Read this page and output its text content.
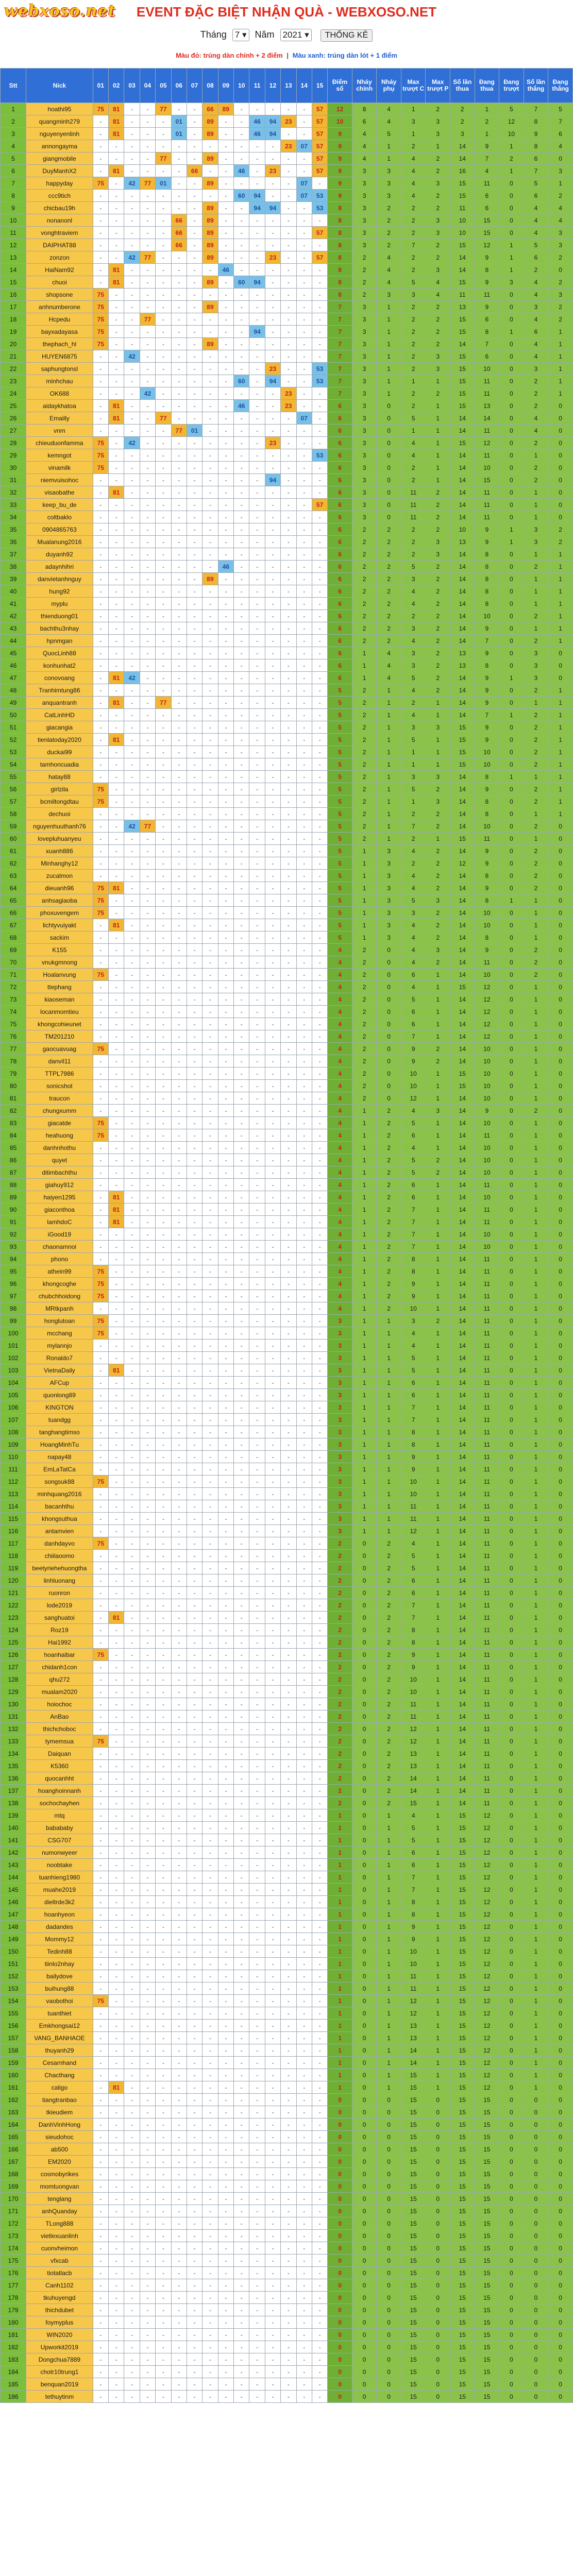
webxoso.net	EVENT ĐẶC BIỆT NHẬN QUÀ - WEBXOSO.NET
Tháng 7 ▾ Năm 2021 ▾ THỐNG KÊ
Màu đỏ: trúng dàn chính + 2 điểm | Màu xanh: trúng dàn lót + 1 điểm
Stt	Nick	01	02	03	04	05	06	07	08	09	10	11	12	13	14	15	Điểm số	Nháy chính	Nháy phụ	Max trượt C	Max trượt P	Số lần thua	Đang thua	Đang trượt	Số lần thắng	Đang thắng
1	hoathi95	75	81	-	-	77	-	-	66	89	-	-	-	-	-	57	12	8	4	1	2	2	1	5	7	5
2	quangminh279	-	81	-	-	-	01	-	89	-	-	46	94	23	-	57	10	6	4	3	3	2	2	12	8	7
3	nguyenyenlinh	-	81	-	-	-	01	-	89	-	-	46	94	-	-	57	9	4	5	1	3	3	1	10	9	6
4	annongayma	-	-	-	-	-	-	-	-	-	-	-	-	23	07	57	9	4	1	2	1	14	9	1	8	4
5	giangmobile	-	-	-	-	77	-	-	89	-	-	-	-	-	-	57	9	4	1	4	2	14	7	2	6	0
6	DuyManhX2	-	81	-	-	-	-	66	-	-	46	-	23	-	-	57	9	3	3	4	2	16	4	1	7	3
7	happyday	75	-	42	77	01	-	-	89	-	-	-	-	-	07	-	9	3	3	4	3	15	11	0	5	1
8	ccc9tich	-	-	-	-	-	-	-	-	-	60	94	-	-	07	53	9	3	3	4	2	15	6	0	6	2
9	chicbau19h	-	-	-	-	-	-	-	89	-	-	94	94	-	-	53	8	3	2	2	2	11	6	0	4	4
10	nonanonl	-	-	-	-	-	66	-	89	-	-	-	-	-	-	-	8	3	2	2	3	10	15	0	4	4
11	vonghtraviem	-	-	-	-	-	66	-	89	-	-	-	-	-	-	57	8	3	2	2	3	10	15	0	4	3
12	DAIPHAT88	-	-	-	-	-	66	-	89	-	-	-	-	-	-	-	8	3	2	7	2	15	12	1	5	3
13	zonzon	-	-	42	77	-	-	-	89	-	-	-	23	-	-	57	8	2	4	2	2	14	9	1	6	2
14	HaiNam92	-	81	-	-	-	-	-	-	46	-	-	-	-	-	-	8	2	4	2	3	14	8	1	2	0
15	chuoi	-	81	-	-	-	-	-	89	-	60	94	-	-	-	-	8	2	4	5	4	15	9	3	4	2
16	shopsone	75	-	-	-	-	-	-	-	-	-	-	-	-	-	-	8	2	3	3	4	11	11	0	4	3
17	anhnumberone	75	-	-	-	-	-	-	89	-	-	-	-	-	-	-	7	3	1	2	2	13	9	0	3	2
18	Hcpedu	75	-	-	77	-	-	-	-	-	-	-	-	-	-	-	7	3	1	2	2	15	6	0	4	2
19	bayxadayasa	75	-	-	-	-	-	-	-	-	-	94	-	-	-	-	7	3	1	2	2	15	8	1	6	1
20	thephach_hl	75	-	-	-	-	-	-	89	-	-	-	-	-	-	-	7	3	1	2	2	14	7	0	4	1
21	HUYEN6875	-	-	42	-	-	-	-	-	-	-	-	-	-	-	-	7	3	1	2	3	15	6	0	4	1
22	saphungtonsl	-	-	-	-	-	-	-	-	-	-	-	23	-	-	53	7	3	1	2	3	15	10	0	3	1
23	minhchau	-	-	-	-	-	-	-	-	-	60	-	94	-	-	53	7	3	1	1	1	15	11	0	2	1
24	OK688	-	-	-	42	-	-	-	-	-	-	-	-	23	-	-	7	3	1	2	2	15	11	0	2	1
25	aidaykhatoa	-	81	-	-	-	-	-	-	-	46	-	-	23	-	-	6	3	0	2	1	15	13	0	2	0
26	Emailly	-	81	-	-	77	-	-	-	-	-	-	-	-	07	-	6	3	0	5	1	14	14	0	4	0
27	vnm	-	-	-	-	-	77	01	-	-	-	-	-	-	-	-	6	3	0	1	1	14	11	0	4	0
28	chieuduonfamma	75	-	42	-	-	-	-	-	-	-	-	23	-	-	-	6	3	0	4	1	15	12	0	2	0
29	kemngot	75	-	-	-	-	-	-	-	-	-	-	-	-	-	53	6	3	0	4	1	14	11	0	1	0
30	vinamilk	75	-	-	-	-	-	-	-	-	-	-	-	-	-	-	6	3	0	2	1	14	10	0	2	0
31	niemvuisohoc	-	-	-	-	-	-	-	-	-	-	-	94	-	-	-	6	3	0	2	1	14	15	0	2	0
32	visaobathe	-	81	-	-	-	-	-	-	-	-	-	-	-	-	-	6	3	0	11	2	14	11	0	1	0
33	keep_bu_de	-	-	-	-	-	-	-	-	-	-	-	-	-	-	57	6	3	0	11	2	14	11	0	1	0
34	coltbaklo	-	-	-	-	-	-	-	-	-	-	-	-	-	-	-	6	3	0	11	2	14	11	0	1	0
35	0904865763	-	-	-	-	-	-	-	-	-	-	-	-	-	-	-	6	2	2	2	2	10	9	1	3	2
36	Mualanung2016	-	-	-	-	-	-	-	-	-	-	-	-	-	-	-	6	2	2	2	3	13	9	1	3	2
37	duyanh92	-	-	-	-	-	-	-	-	-	-	-	-	-	-	-	6	2	2	2	3	14	8	0	1	1
38	adaynhihri	-	-	-	-	-	-	-	-	46	-	-	-	-	-	-	6	2	2	5	2	14	8	0	2	1
39	danvietanhnguy	-	-	-	-	-	-	-	89	-	-	-	-	-	-	-	6	2	2	3	2	14	8	0	1	1
40	hung92	-	-	-	-	-	-	-	-	-	-	-	-	-	-	-	6	2	2	4	2	14	8	0	1	1
41	myplu	-	-	-	-	-	-	-	-	-	-	-	-	-	-	-	6	2	2	4	2	14	8	0	1	1
42	thienduong01	-	-	-	-	-	-	-	-	-	-	-	-	-	-	-	6	2	2	2	2	14	10	0	2	1
43	bachthu3nhay	-	-	-	-	-	-	-	-	-	-	-	-	-	-	-	6	2	2	3	2	14	9	0	1	1
44	hpnmgan	-	-	-	-	-	-	-	-	-	-	-	-	-	-	-	6	2	2	4	2	14	7	0	2	1
45	QuocLinh88	-	-	-	-	-	-	-	-	-	-	-	-	-	-	-	6	1	4	3	2	13	9	0	3	0
46	konhunhat2	-	-	-	-	-	-	-	-	-	-	-	-	-	-	-	6	1	4	3	2	13	8	0	3	0
47	conovoang	-	81	42	-	-	-	-	-	-	-	-	-	-	-	-	6	1	4	5	2	14	9	1	3	0
48	Tranhimtung86	-	-	-	-	-	-	-	-	-	-	-	-	-	-	-	5	2	1	4	2	14	9	0	2	1
49	anquantranh	-	81	-	-	77	-	-	-	-	-	-	-	-	-	-	5	2	1	2	1	14	9	0	1	1
50	CatLinhHD	-	-	-	-	-	-	-	-	-	-	-	-	-	-	-	5	2	1	4	1	14	7	1	2	1
51	giacangia	-	-	-	-	-	-	-	-	-	-	-	-	-	-	-	5	2	1	3	3	15	9	0	2	1
52	tienlatoday2020	-	81	-	-	-	-	-	-	-	-	-	-	-	-	-	5	2	1	5	1	15	9	0	2	1
53	duckai99	-	-	-	-	-	-	-	-	-	-	-	-	-	-	-	5	2	1	1	1	15	10	0	2	1
54	tamhoncuadia	-	-	-	-	-	-	-	-	-	-	-	-	-	-	-	5	2	1	1	1	15	10	0	2	1
55	hatay88	-	-	-	-	-	-	-	-	-	-	-	-	-	-	-	5	2	1	3	3	14	8	1	1	1
56	girlzila	75	-	-	-	-	-	-	-	-	-	-	-	-	-	-	5	2	1	5	2	14	9	0	2	1
57	bcmiltongdtau	75	-	-	-	-	-	-	-	-	-	-	-	-	-	-	5	2	1	1	3	14	8	0	2	1
58	dechuoi	-	-	-	-	-	-	-	-	-	-	-	-	-	-	-	5	2	1	2	2	14	8	0	1	1
59	nguyenhuuthanh76	-	-	42	77	-	-	-	-	-	-	-	-	-	-	-	5	2	1	7	2	14	10	0	2	0
60	lovepluhuanyeu	-	-	-	-	-	-	-	-	-	-	-	-	-	-	-	5	2	1	2	1	15	11	0	1	0
61	xuanh886	-	-	-	-	-	-	-	-	-	-	-	-	-	-	-	5	1	3	4	2	14	9	0	2	0
62	Minhanghy12	-	-	-	-	-	-	-	-	-	-	-	-	-	-	-	5	1	3	2	2	12	9	0	2	0
63	zucalmon	-	-	-	-	-	-	-	-	-	-	-	-	-	-	-	5	1	3	4	2	14	8	0	2	0
64	dieuanh96	75	81	-	-	-	-	-	-	-	-	-	-	-	-	-	5	1	3	4	2	14	9	0	2	0
65	anhsagiaoba	75	-	-	-	-	-	-	-	-	-	-	-	-	-	-	5	1	3	5	3	14	8	1	1	0
66	phoxuvengem	75	-	-	-	-	-	-	-	-	-	-	-	-	-	-	5	1	3	3	2	14	10	0	1	0
67	lichtyvuiyakt	-	81	-	-	-	-	-	-	-	-	-	-	-	-	-	5	1	3	4	2	14	10	0	1	0
68	sackim	-	-	-	-	-	-	-	-	-	-	-	-	-	-	-	5	1	3	4	2	14	8	0	1	0
69	K155	-	-	-	-	-	-	-	-	-	-	-	-	-	-	-	4	2	0	4	3	14	9	0	2	0
70	vnukgmnong	-	-	-	-	-	-	-	-	-	-	-	-	-	-	-	4	2	0	4	2	14	11	0	2	0
71	Hoalanvung	75	-	-	-	-	-	-	-	-	-	-	-	-	-	-	4	2	0	6	1	14	10	0	2	0
72	ttephang	-	-	-	-	-	-	-	-	-	-	-	-	-	-	-	4	2	0	4	1	15	12	0	1	0
73	kiaoseman	-	-	-	-	-	-	-	-	-	-	-	-	-	-	-	4	2	0	5	1	14	12	0	1	0
74	locanmomtieu	-	-	-	-	-	-	-	-	-	-	-	-	-	-	-	4	2	0	6	1	14	12	0	1	0
75	khongcohieunet	-	-	-	-	-	-	-	-	-	-	-	-	-	-	-	4	2	0	6	1	14	12	0	1	0
76	TM201210	-	-	-	-	-	-	-	-	-	-	-	-	-	-	-	4	2	0	7	1	14	12	0	1	0
77	gaocuavuag	75	-	-	-	-	-	-	-	-	-	-	-	-	-	-	4	2	0	9	2	14	10	0	1	0
78	danvil11	-	-	-	-	-	-	-	-	-	-	-	-	-	-	-	4	2	0	9	2	14	10	0	1	0
79	TTPL7986	-	-	-	-	-	-	-	-	-	-	-	-	-	-	-	4	2	0	10	1	15	10	0	1	0
80	sonicshot	-	-	-	-	-	-	-	-	-	-	-	-	-	-	-	4	2	0	10	1	15	10	0	1	0
81	traucon	-	-	-	-	-	-	-	-	-	-	-	-	-	-	-	4	2	0	12	1	14	10	0	1	0
82	chungxumm	-	-	-	-	-	-	-	-	-	-	-	-	-	-	-	4	1	2	4	3	14	9	0	2	0
83	giacatde	75	-	-	-	-	-	-	-	-	-	-	-	-	-	-	4	1	2	5	1	14	10	0	1	0
84	heahuong	75	-	-	-	-	-	-	-	-	-	-	-	-	-	-	4	1	2	6	1	14	11	0	1	0
85	danhnhothu	-	-	-	-	-	-	-	-	-	-	-	-	-	-	-	4	1	2	4	1	14	10	0	1	0
86	quyet	-	-	-	-	-	-	-	-	-	-	-	-	-	-	-	4	1	2	5	2	14	10	0	1	0
87	ditimbachthu	-	-	-	-	-	-	-	-	-	-	-	-	-	-	-	4	1	2	5	2	14	10	0	1	0
88	giahuy912	-	-	-	-	-	-	-	-	-	-	-	-	-	-	-	4	1	2	6	1	14	11	0	1	0
89	haiyen1295	-	81	-	-	-	-	-	-	-	-	-	-	-	-	-	4	1	2	6	1	14	10	0	1	0
90	giaconthoa	-	81	-	-	-	-	-	-	-	-	-	-	-	-	-	4	1	2	7	1	14	11	0	1	0
91	lamhdoC	-	81	-	-	-	-	-	-	-	-	-	-	-	-	-	4	1	2	7	1	14	11	0	1	0
92	iGood19	-	-	-	-	-	-	-	-	-	-	-	-	-	-	-	4	1	2	7	1	14	10	0	1	0
93	chaonamnoi	-	-	-	-	-	-	-	-	-	-	-	-	-	-	-	4	1	2	7	1	14	10	0	1	0
94	phono	-	-	-	-	-	-	-	-	-	-	-	-	-	-	-	4	1	2	8	1	14	11	0	1	0
95	athein99	75	-	-	-	-	-	-	-	-	-	-	-	-	-	-	4	1	2	8	1	14	11	0	1	0
96	khongcoghe	75	-	-	-	-	-	-	-	-	-	-	-	-	-	-	4	1	2	9	1	14	11	0	1	0
97	chubchhoidong	75	-	-	-	-	-	-	-	-	-	-	-	-	-	-	4	1	2	9	1	14	11	0	1	0
98	MRtkpanh	-	-	-	-	-	-	-	-	-	-	-	-	-	-	-	4	1	2	10	1	14	11	0	1	0
99	honglutoan	75	-	-	-	-	-	-	-	-	-	-	-	-	-	-	3	1	1	3	2	14	11	0	1	0
100	mcchang	75	-	-	-	-	-	-	-	-	-	-	-	-	-	-	3	1	1	4	1	14	11	0	1	0
101	mylannjo	-	-	-	-	-	-	-	-	-	-	-	-	-	-	-	3	1	1	4	1	14	11	0	1	0
102	Ronaldo7	-	-	-	-	-	-	-	-	-	-	-	-	-	-	-	3	1	1	5	1	14	11	0	1	0
103	VietnaDaily	-	81	-	-	-	-	-	-	-	-	-	-	-	-	-	3	1	1	5	1	14	11	0	1	0
104	AFCup	-	-	-	-	-	-	-	-	-	-	-	-	-	-	-	3	1	1	6	1	14	11	0	1	0
105	quonlong89	-	-	-	-	-	-	-	-	-	-	-	-	-	-	-	3	1	1	6	1	14	11	0	1	0
106	KINGTON	-	-	-	-	-	-	-	-	-	-	-	-	-	-	-	3	1	1	7	1	14	11	0	1	0
107	tuandgg	-	-	-	-	-	-	-	-	-	-	-	-	-	-	-	3	1	1	7	1	14	11	0	1	0
108	tanghangtimso	-	-	-	-	-	-	-	-	-	-	-	-	-	-	-	3	1	1	8	1	14	11	0	1	0
109	HoangMinhTu	-	-	-	-	-	-	-	-	-	-	-	-	-	-	-	3	1	1	8	1	14	11	0	1	0
110	napay48	-	-	-	-	-	-	-	-	-	-	-	-	-	-	-	3	1	1	9	1	14	11	0	1	0
111	EmLaTatCa	-	-	-	-	-	-	-	-	-	-	-	-	-	-	-	3	1	1	9	1	14	11	0	1	0
112	songsuk88	75	-	-	-	-	-	-	-	-	-	-	-	-	-	-	3	1	1	10	1	14	11	0	1	0
113	minhquang2016	-	-	-	-	-	-	-	-	-	-	-	-	-	-	-	3	1	1	10	1	14	11	0	1	0
114	bacanhthu	-	-	-	-	-	-	-	-	-	-	-	-	-	-	-	3	1	1	11	1	14	11	0	1	0
115	khongsuthua	-	-	-	-	-	-	-	-	-	-	-	-	-	-	-	3	1	1	11	1	14	11	0	1	0
116	antamvien	-	-	-	-	-	-	-	-	-	-	-	-	-	-	-	3	1	1	12	1	14	11	0	1	0
117	danhdayvo	75	-	-	-	-	-	-	-	-	-	-	-	-	-	-	2	0	2	4	1	14	11	0	1	0
118	chiilaoomo	-	-	-	-	-	-	-	-	-	-	-	-	-	-	-	2	0	2	5	1	14	11	0	1	0
119	beetyriehehuongtha	-	-	-	-	-	-	-	-	-	-	-	-	-	-	-	2	0	2	5	1	14	11	0	1	0
120	linhluonang	-	-	-	-	-	-	-	-	-	-	-	-	-	-	-	2	0	2	6	1	14	11	0	1	0
121	ruonron	-	-	-	-	-	-	-	-	-	-	-	-	-	-	-	2	0	2	6	1	14	11	0	1	0
122	lode2019	-	-	-	-	-	-	-	-	-	-	-	-	-	-	-	2	0	2	7	1	14	11	0	1	0
123	sanghuatoi	-	81	-	-	-	-	-	-	-	-	-	-	-	-	-	2	0	2	7	1	14	11	0	1	0
124	Roz19	-	-	-	-	-	-	-	-	-	-	-	-	-	-	-	2	0	2	8	1	14	11	0	1	0
125	Hai1992	-	-	-	-	-	-	-	-	-	-	-	-	-	-	-	2	0	2	8	1	14	11	0	1	0
126	hoanhaibar	75	-	-	-	-	-	-	-	-	-	-	-	-	-	-	2	0	2	9	1	14	11	0	1	0
127	chidanh1con	-	-	-	-	-	-	-	-	-	-	-	-	-	-	-	2	0	2	9	1	14	11	0	1	0
128	qhu272	-	-	-	-	-	-	-	-	-	-	-	-	-	-	-	2	0	2	10	1	14	11	0	1	0
129	mualam2020	-	-	-	-	-	-	-	-	-	-	-	-	-	-	-	2	0	2	10	1	14	11	0	1	0
130	hoiochoc	-	-	-	-	-	-	-	-	-	-	-	-	-	-	-	2	0	2	11	1	14	11	0	1	0
131	AnBao	-	-	-	-	-	-	-	-	-	-	-	-	-	-	-	2	0	2	11	1	14	11	0	1	0
132	thichchoboc	-	-	-	-	-	-	-	-	-	-	-	-	-	-	-	2	0	2	12	1	14	11	0	1	0
133	tymemsua	75	-	-	-	-	-	-	-	-	-	-	-	-	-	-	2	0	2	12	1	14	11	0	1	0
134	Daiquan	-	-	-	-	-	-	-	-	-	-	-	-	-	-	-	2	0	2	13	1	14	11	0	1	0
135	K5360	-	-	-	-	-	-	-	-	-	-	-	-	-	-	-	2	0	2	13	1	14	11	0	1	0
136	quocanhht	-	-	-	-	-	-	-	-	-	-	-	-	-	-	-	2	0	2	14	1	14	11	0	1	0
137	hoanghoinnanh	-	-	-	-	-	-	-	-	-	-	-	-	-	-	-	2	0	2	14	1	14	11	0	1	0
138	sochochayhen	-	-	-	-	-	-	-	-	-	-	-	-	-	-	-	2	0	2	15	1	14	11	0	1	0
139	mtq	-	-	-	-	-	-	-	-	-	-	-	-	-	-	-	1	0	1	4	1	15	12	0	1	0
140	babababy	-	-	-	-	-	-	-	-	-	-	-	-	-	-	-	1	0	1	5	1	15	12	0	1	0
141	CSG707	-	-	-	-	-	-	-	-	-	-	-	-	-	-	-	1	0	1	5	1	15	12	0	1	0
142	numonwyeer	-	-	-	-	-	-	-	-	-	-	-	-	-	-	-	1	0	1	6	1	15	12	0	1	0
143	noobtake	-	-	-	-	-	-	-	-	-	-	-	-	-	-	-	1	0	1	6	1	15	12	0	1	0
144	tuanhieng1980	-	-	-	-	-	-	-	-	-	-	-	-	-	-	-	1	0	1	7	1	15	12	0	1	0
145	muahe2019	-	-	-	-	-	-	-	-	-	-	-	-	-	-	-	1	0	1	7	1	15	12	0	1	0
146	dieltrde3k2	-	-	-	-	-	-	-	-	-	-	-	-	-	-	-	1	0	1	8	1	15	12	0	1	0
147	hoanhyeon	-	-	-	-	-	-	-	-	-	-	-	-	-	-	-	1	0	1	8	1	15	12	0	1	0
148	dadandes	-	-	-	-	-	-	-	-	-	-	-	-	-	-	-	1	0	1	9	1	15	12	0	1	0
149	Mommy12	-	-	-	-	-	-	-	-	-	-	-	-	-	-	-	1	0	1	9	1	15	12	0	1	0
150	Tedinh88	-	-	-	-	-	-	-	-	-	-	-	-	-	-	-	1	0	1	10	1	15	12	0	1	0
151	tiinlo2nhay	-	-	-	-	-	-	-	-	-	-	-	-	-	-	-	1	0	1	10	1	15	12	0	1	0
152	bailydove	-	-	-	-	-	-	-	-	-	-	-	-	-	-	-	1	0	1	11	1	15	12	0	1	0
153	buihung88	-	-	-	-	-	-	-	-	-	-	-	-	-	-	-	1	0	1	11	1	15	12	0	1	0
154	vaobothoi	75	-	-	-	-	-	-	-	-	-	-	-	-	-	-	1	0	1	12	1	15	12	0	1	0
155	tuanthiet	-	-	-	-	-	-	-	-	-	-	-	-	-	-	-	1	0	1	12	1	15	12	0	1	0
156	Emkhongsai12	-	-	-	-	-	-	-	-	-	-	-	-	-	-	-	1	0	1	13	1	15	12	0	1	0
157	VANG_BANHAOE	-	-	-	-	-	-	-	-	-	-	-	-	-	-	-	1	0	1	13	1	15	12	0	1	0
158	thuyanh29	-	-	-	-	-	-	-	-	-	-	-	-	-	-	-	1	0	1	14	1	15	12	0	1	0
159	Cesarnhand	-	-	-	-	-	-	-	-	-	-	-	-	-	-	-	1	0	1	14	1	15	12	0	1	0
160	Chacthang	-	-	-	-	-	-	-	-	-	-	-	-	-	-	-	1	0	1	15	1	15	12	0	1	0
161	caligo	-	81	-	-	-	-	-	-	-	-	-	-	-	-	-	1	0	1	15	1	15	12	0	1	0
162	tiangtranbao	-	-	-	-	-	-	-	-	-	-	-	-	-	-	-	0	0	0	15	0	15	15	0	0	0
163	tkieudiem	-	-	-	-	-	-	-	-	-	-	-	-	-	-	-	0	0	0	15	0	15	15	0	0	0
164	DanhVinhHong	-	-	-	-	-	-	-	-	-	-	-	-	-	-	-	0	0	0	15	0	15	15	0	0	0
165	sieudohoc	-	-	-	-	-	-	-	-	-	-	-	-	-	-	-	0	0	0	15	0	15	15	0	0	0
166	ab500	-	-	-	-	-	-	-	-	-	-	-	-	-	-	-	0	0	0	15	0	15	15	0	0	0
167	EM2020	-	-	-	-	-	-	-	-	-	-	-	-	-	-	-	0	0	0	15	0	15	15	0	0	0
168	cosmobyrikes	-	-	-	-	-	-	-	-	-	-	-	-	-	-	-	0	0	0	15	0	15	15	0	0	0
169	momtuongvan	-	-	-	-	-	-	-	-	-	-	-	-	-	-	-	0	0	0	15	0	15	15	0	0	0
170	tenglang	-	-	-	-	-	-	-	-	-	-	-	-	-	-	-	0	0	0	15	0	15	15	0	0	0
171	anhQuanday	-	-	-	-	-	-	-	-	-	-	-	-	-	-	-	0	0	0	15	0	15	15	0	0	0
172	TLong888	-	-	-	-	-	-	-	-	-	-	-	-	-	-	-	0	0	0	15	0	15	15	0	0	0
173	vietlexuanlinh	-	-	-	-	-	-	-	-	-	-	-	-	-	-	-	0	0	0	15	0	15	15	0	0	0
174	cuonvheimon	-	-	-	-	-	-	-	-	-	-	-	-	-	-	-	0	0	0	15	0	15	15	0	0	0
175	vfxcab	-	-	-	-	-	-	-	-	-	-	-	-	-	-	-	0	0	0	15	0	15	15	0	0	0
176	tiotatlacb	-	-	-	-	-	-	-	-	-	-	-	-	-	-	-	0	0	0	15	0	15	15	0	0	0
177	Canh1102	-	-	-	-	-	-	-	-	-	-	-	-	-	-	-	0	0	0	15	0	15	15	0	0	0
178	tkuhuyengd	-	-	-	-	-	-	-	-	-	-	-	-	-	-	-	0	0	0	15	0	15	15	0	0	0
179	thichdubet	-	-	-	-	-	-	-	-	-	-	-	-	-	-	-	0	0	0	15	0	15	15	0	0	0
180	foymyplus	-	-	-	-	-	-	-	-	-	-	-	-	-	-	-	0	0	0	15	0	15	15	0	0	0
181	WIN2020	-	-	-	-	-	-	-	-	-	-	-	-	-	-	-	0	0	0	15	0	15	15	0	0	0
182	Upworkit2019	-	-	-	-	-	-	-	-	-	-	-	-	-	-	-	0	0	0	15	0	15	15	0	0	0
183	Dongchua7889	-	-	-	-	-	-	-	-	-	-	-	-	-	-	-	0	0	0	15	0	15	15	0	0	0
184	chotr10trung1	-	-	-	-	-	-	-	-	-	-	-	-	-	-	-	0	0	0	15	0	15	15	0	0	0
185	benquan2019	-	-	-	-	-	-	-	-	-	-	-	-	-	-	-	0	0	0	15	0	15	15	0	0	0
186	tethuytinm	-	-	-	-	-	-	-	-	-	-	-	-	-	-	-	0	0	0	15	0	15	15	0	0	0
